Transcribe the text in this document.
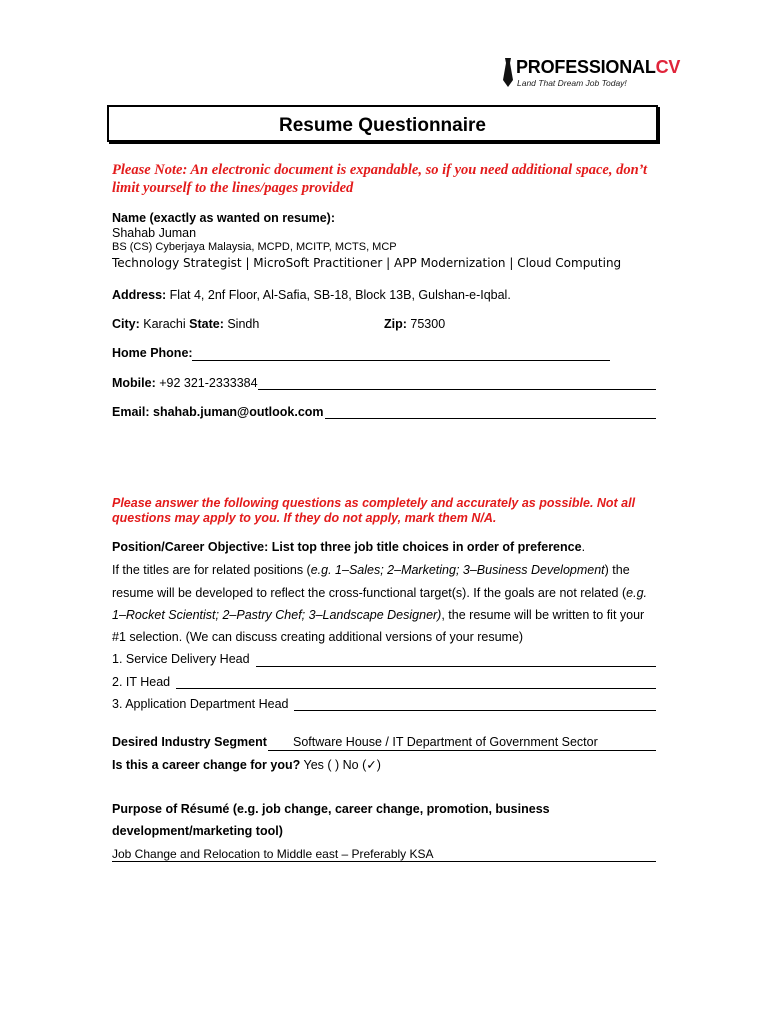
PROFESSIONALCV
Land That Dream Job Today!
Resume Questionnaire
Please Note: An electronic document is expandable, so if you need additional space, don’t limit yourself to the lines/pages provided
Name (exactly as wanted on resume):
Shahab Juman
BS (CS) Cyberjaya Malaysia, MCPD, MCITP, MCTS, MCP
Technology Strategist | MicroSoft Practitioner | APP Modernization | Cloud Computing
Address: Flat 4, 2nf Floor, Al-Safia, SB-18, Block 13B, Gulshan-e-Iqbal.
City: Karachi State: Sindh	Zip: 75300
Home Phone:
Mobile: +92 321-2333384
Email: shahab.juman@outlook.com
Please answer the following questions as completely and accurately as possible. Not all questions may apply to you. If they do not apply, mark them N/A.
Position/Career Objective: List top three job title choices in order of preference.
If the titles are for related positions (e.g. 1–Sales; 2–Marketing; 3–Business Development) the
resume will be developed to reflect the cross-functional target(s). If the goals are not related (e.g.
1–Rocket Scientist; 2–Pastry Chef; 3–Landscape Designer), the resume will be written to fit your
#1 selection. (We can discuss creating additional versions of your resume)
1. Service Delivery Head
2. IT Head
3. Application Department Head
Desired Industry Segment	Software House / IT Department of Government Sector
Is this a career change for you? Yes ( ) No (✓)
Purpose of Résumé (e.g. job change, career change, promotion, business
development/marketing tool)
Job Change and Relocation to Middle east – Preferably KSA
